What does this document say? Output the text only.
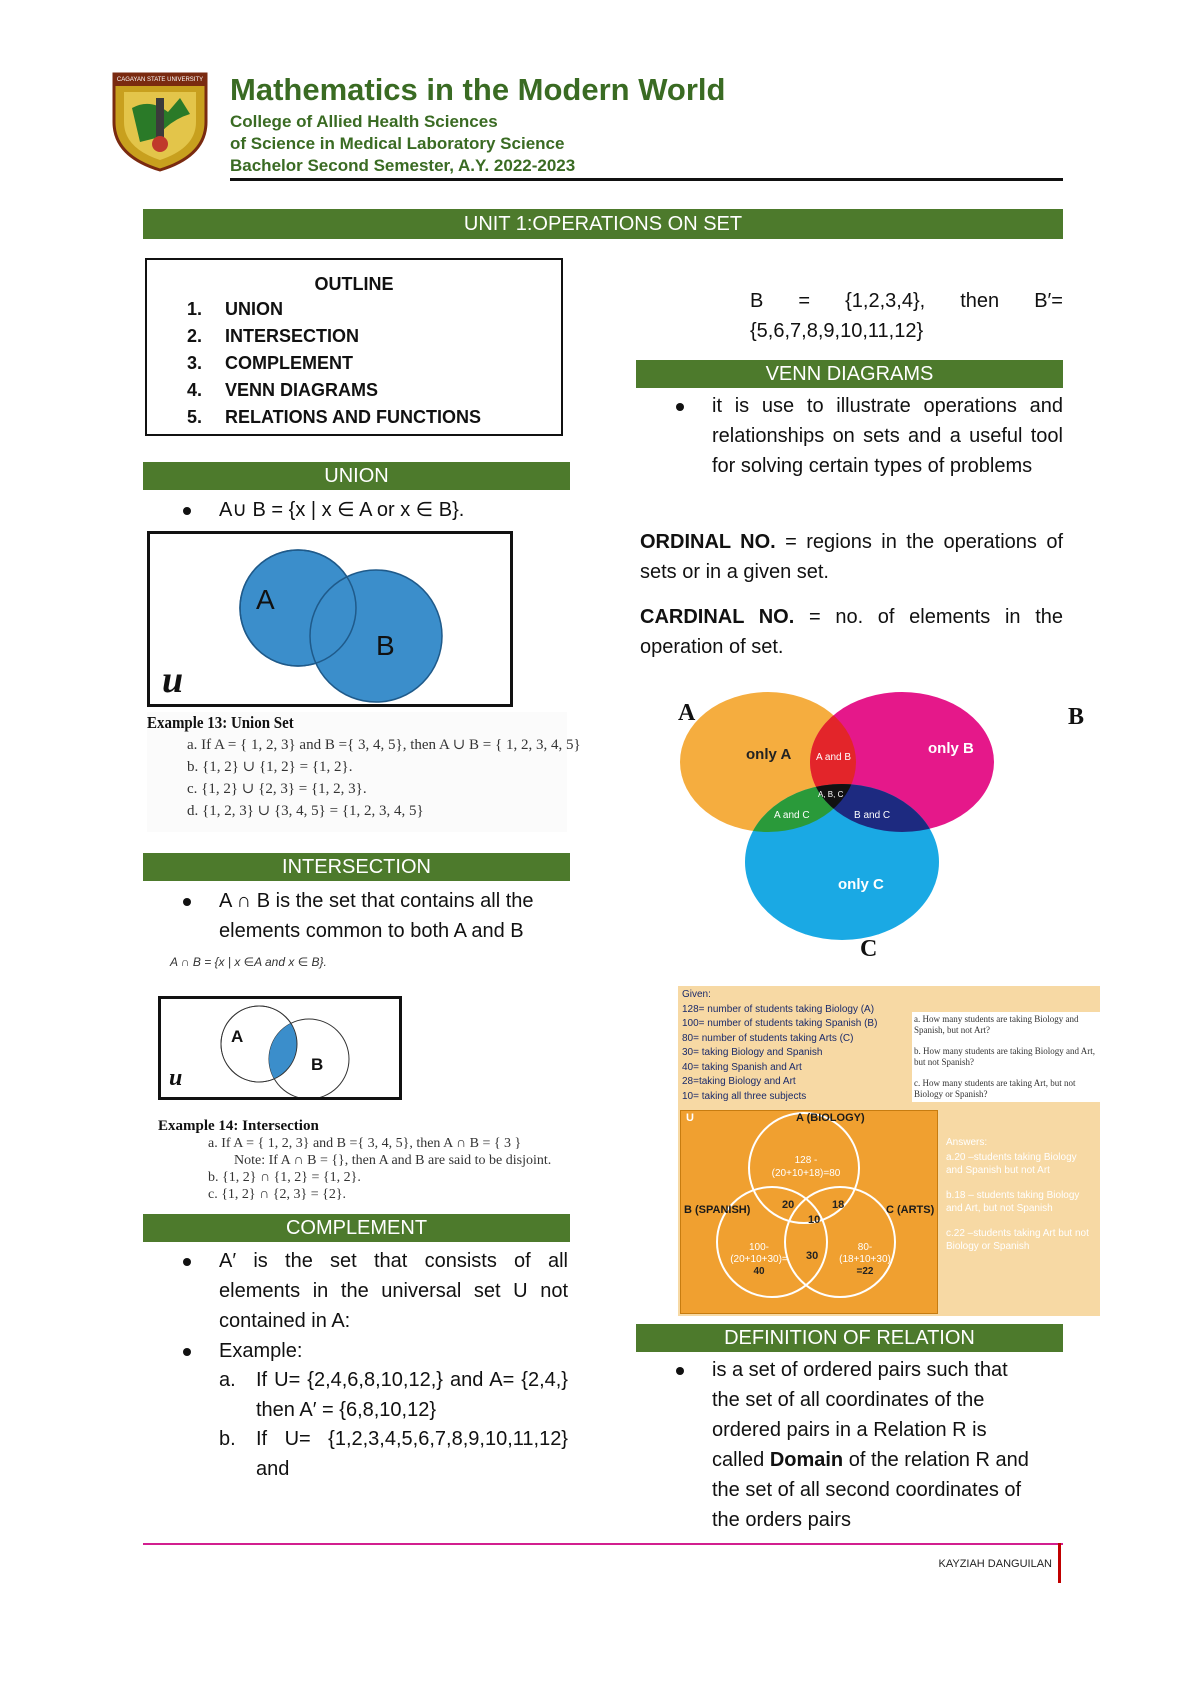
CAGAYAN STATE UNIVERSITY Mathematics in the Modern World
College of Allied Health Sciences
of Science in Medical Laboratory Science
Bachelor Second Semester, A.Y. 2022-2023
UNIT 1:OPERATIONS ON SET
OUTLINE
1. UNION
2. INTERSECTION
3. COMPLEMENT
4. VENN DIAGRAMS
5. RELATIONS AND FUNCTIONS
UNION
A∪ B = {x | x ∈ A or x ∈ B}.
A
B
u
Example 13: Union Set
a. If A = { 1, 2, 3} and B ={ 3, 4, 5}, then A ∪ B = { 1, 2, 3, 4, 5}
b. {1, 2} ∪ {1, 2} = {1, 2}.
c. {1, 2} ∪ {2, 3} = {1, 2, 3}.
d. {1, 2, 3} ∪ {3, 4, 5} = {1, 2, 3, 4, 5}
INTERSECTION
A ∩ B is the set that contains all the elements common to both A and B
A ∩ B = {x | x ∈A and x ∈ B}.
A
B
u
Example 14: Intersection
a. If A = { 1, 2, 3} and B ={ 3, 4, 5}, then A ∩ B = { 3 }
Note: If A ∩ B = {}, then A and B are said to be disjoint.
b. {1, 2} ∩ {1, 2} = {1, 2}.
c. {1, 2} ∩ {2, 3} = {2}.
COMPLEMENT
A′ is the set that consists of all elements in the universal set U not contained in A:
Example:
a. If U= {2,4,6,8,10,12,} and A= {2,4,} then A′ = {6,8,10,12}
b. If U= {1,2,3,4,5,6,7,8,9,10,11,12} and
B = {1,2,3,4}, then B′= {5,6,7,8,9,10,11,12}
VENN DIAGRAMS
it is use to illustrate operations and relationships on sets and a useful tool for solving certain types of problems
ORDINAL NO. = regions in the operations of sets or in a given set.
CARDINAL NO. = no. of elements in the operation of set.
A	B
C
only A	only B
only C
A and B
A and C	B and C
A, B, C
Given:
128= number of students taking Biology (A)
100= number of students taking Spanish (B)
80= number of students taking Arts (C)
30= taking Biology and Spanish
40= taking Spanish and Art
28=taking Biology and Art
10= taking all three subjects
a. How many students are taking Biology and Spanish, but not Art?
b. How many students are taking Biology and Art, but not Spanish?
c. How many students are taking Art, but not Biology or Spanish?
U	A (BIOLOGY)
B (SPANISH)	C (ARTS)
128 -
(20+10+18)=80
100-
(20+10+30)=
40
80-
(18+10+30)
=22
20	18
10
30
Answers:
a.20 –students taking Biology and Spanish but not Art
b.18 – students taking Biology and Art, but not Spanish
c.22 –students taking Art but not Biology or Spanish
DEFINITION OF RELATION
is a set of ordered pairs such that the set of all coordinates of the ordered pairs in a Relation R is called Domain of the relation R and the set of all second coordinates of the orders pairs
KAYZIAH DANGUILAN
